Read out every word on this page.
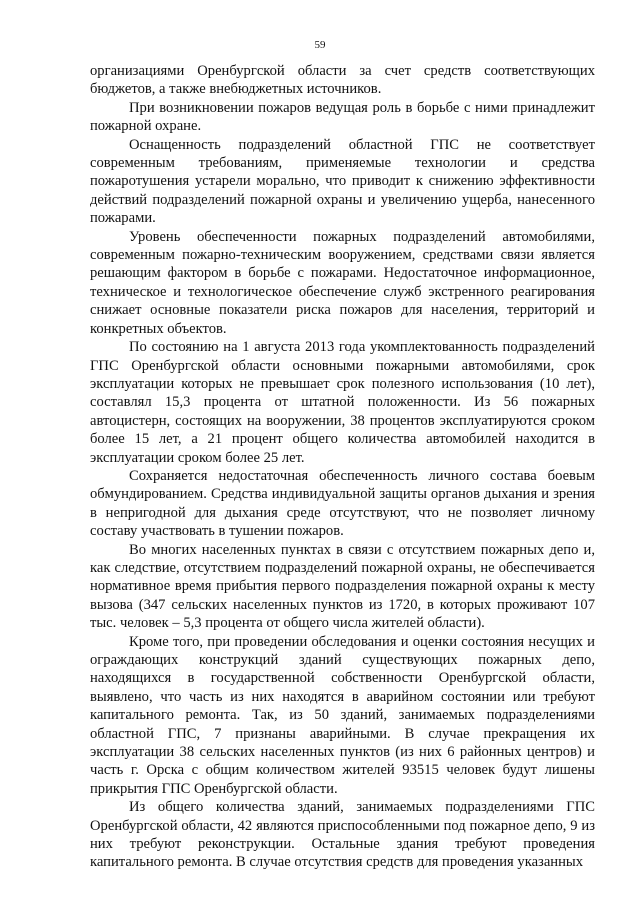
59

организациями Оренбургской области за счет средств соответствующих бюджетов, а также внебюджетных источников.

При возникновении пожаров ведущая роль в борьбе с ними принадлежит пожарной охране.

Оснащенность подразделений областной ГПС не соответствует современным требованиям, применяемые технологии и средства пожаротушения устарели морально, что приводит к снижению эффективности действий подразделений пожарной охраны и увеличению ущерба, нанесенного пожарами.

Уровень обеспеченности пожарных подразделений автомобилями, современным пожарно-техническим вооружением, средствами связи является решающим фактором в борьбе с пожарами. Недостаточное информационное, техническое и технологическое обеспечение служб экстренного реагирования снижает основные показатели риска пожаров для населения, территорий и конкретных объектов.

По состоянию на 1 августа 2013 года укомплектованность подразделений ГПС Оренбургской области основными пожарными автомобилями, срок эксплуатации которых не превышает срок полезного использования (10 лет), составлял 15,3 процента от штатной положенности. Из 56 пожарных автоцистерн, состоящих на вооружении, 38 процентов эксплуатируются сроком более 15 лет, а 21 процент общего количества автомобилей находится в эксплуатации сроком более 25 лет.

Сохраняется недостаточная обеспеченность личного состава боевым обмундированием. Средства индивидуальной защиты органов дыхания и зрения в непригодной для дыхания среде отсутствуют, что не позволяет личному составу участвовать в тушении пожаров.

Во многих населенных пунктах в связи с отсутствием пожарных депо и, как следствие, отсутствием подразделений пожарной охраны, не обеспечивается нормативное время прибытия первого подразделения пожарной охраны к месту вызова (347 сельских населенных пунктов из 1720, в которых проживают 107 тыс. человек – 5,3 процента от общего числа жителей области).

Кроме того, при проведении обследования и оценки состояния несущих и ограждающих конструкций зданий существующих пожарных депо, находящихся в государственной собственности Оренбургской области, выявлено, что часть из них находятся в аварийном состоянии или требуют капитального ремонта. Так, из 50 зданий, занимаемых подразделениями областной ГПС, 7 признаны аварийными. В случае прекращения их эксплуатации 38 сельских населенных пунктов (из них 6 районных центров) и часть г. Орска с общим количеством жителей 93515 человек будут лишены прикрытия ГПС Оренбургской области.

Из общего количества зданий, занимаемых подразделениями ГПС Оренбургской области, 42 являются приспособленными под пожарное депо, 9 из них требуют реконструкции. Остальные здания требуют проведения капитального ремонта. В случае отсутствия средств для проведения указанных
